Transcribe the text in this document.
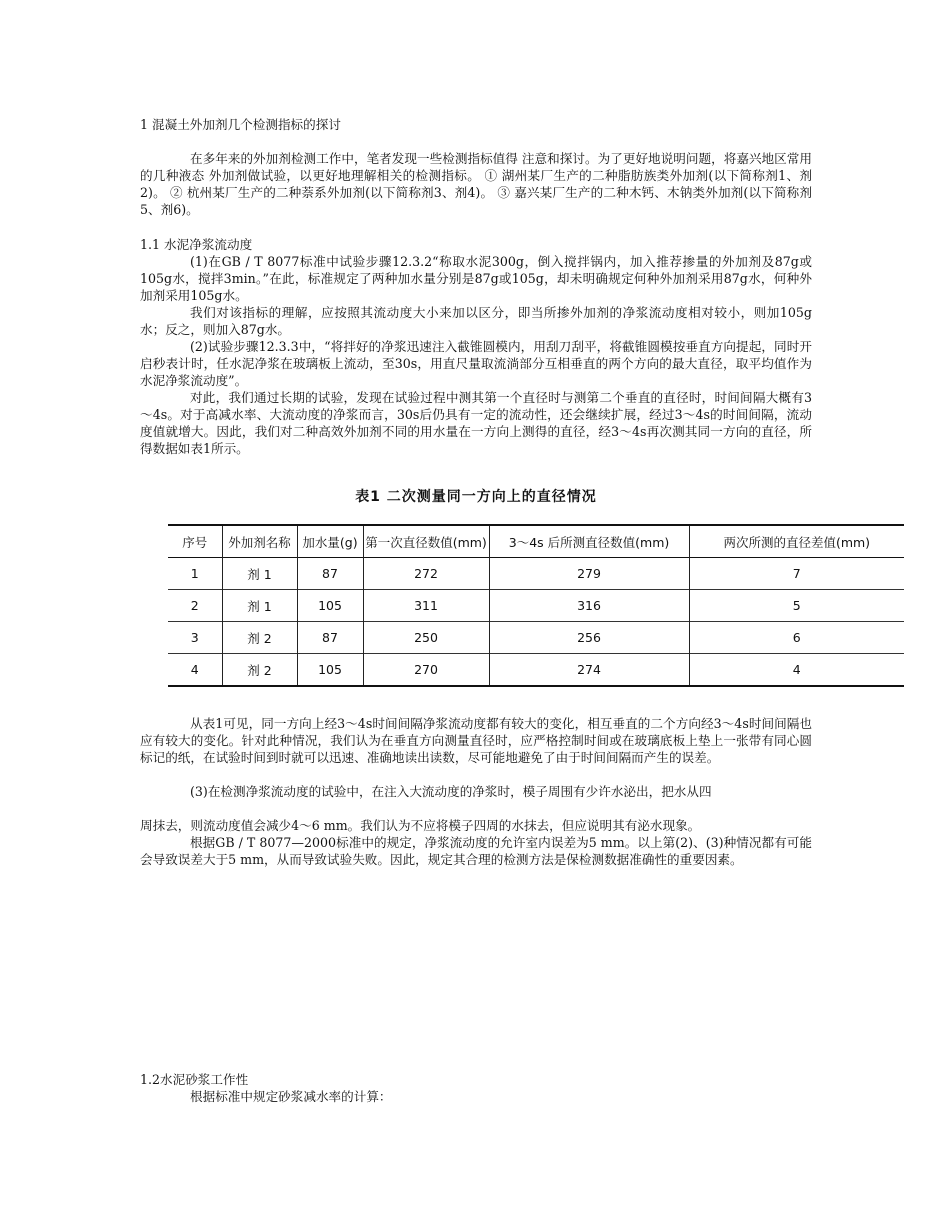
1 混凝土外加剂几个检测指标的探讨
在多年来的外加剂检测工作中，笔者发现一些检测指标值得 注意和探讨。为了更好地说明问题，将嘉兴地区常用的几种液态 外加剂做试验，以更好地理解相关的检测指标。 ① 湖州某厂生产的二种脂肪族类外加剂(以下简称剂1、剂2)。 ② 杭州某厂生产的二种萘系外加剂(以下简称剂3、剂4)。 ③ 嘉兴某厂生产的二种木钙、木钠类外加剂(以下简称剂 5、剂6)。
1.1 水泥净浆流动度
(1)在GB / T 8077标准中试验步骤12.3.2“称取水泥300g，倒入搅拌锅内，加入推荐掺量的外加剂及87g或105g水，搅拌3min。”在此，标准规定了两种加水量分别是87g或105g，却未明确规定何种外加剂采用87g水，何种外加剂采用105g水。
我们对该指标的理解，应按照其流动度大小来加以区分，即当所掺外加剂的净浆流动度相对较小，则加105g水；反之，则加入87g水。
(2)试验步骤12.3.3中，“将拌好的净浆迅速注入截锥圆模内，用刮刀刮平，将截锥圆模按垂直方向提起，同时开启秒表计时，任水泥净浆在玻璃板上流动，至30s，用直尺量取流淌部分互相垂直的两个方向的最大直径，取平均值作为水泥净浆流动度”。
对此，我们通过长期的试验，发现在试验过程中测其第一个直径时与测第二个垂直的直径时，时间间隔大概有3～4s。对于高减水率、大流动度的净浆而言，30s后仍具有一定的流动性，还会继续扩展，经过3～4s的时间间隔，流动度值就增大。因此，我们对二种高效外加剂不同的用水量在一方向上测得的直径，经3～4s再次测其同一方向的直径，所得数据如表1所示。
表1 二次测量同一方向上的直径情况
序号	外加剂名称	加水量(g)	第一次直径数值(mm)	3～4s 后所测直径数值(mm)	两次所测的直径差值(mm)
1	剂 1	87	272	279	7
2	剂 1	105	311	316	5
3	剂 2	87	250	256	6
4	剂 2	105	270	274	4
从表1可见，同一方向上经3～4s时间间隔净浆流动度都有较大的变化，相互垂直的二个方向经3～4s时间间隔也应有较大的变化。针对此种情况，我们认为在垂直方向测量直径时，应严格控制时间或在玻璃底板上垫上一张带有同心圆标记的纸，在试验时间到时就可以迅速、准确地读出读数，尽可能地避免了由于时间间隔而产生的误差。
(3)在检测净浆流动度的试验中，在注入大流动度的净浆时，模子周围有少许水泌出，把水从四
周抹去，则流动度值会减少4～6 mm。我们认为不应将模子四周的水抹去，但应说明其有泌水现象。
根据GB / T 8077—2000标准中的规定，净浆流动度的允许室内误差为5 mm。以上第(2)、(3)种情况都有可能会导致误差大于5 mm，从而导致试验失败。因此，规定其合理的检测方法是保检测数据准确性的重要因素。
1.2水泥砂浆工作性
根据标准中规定砂浆减水率的计算：
